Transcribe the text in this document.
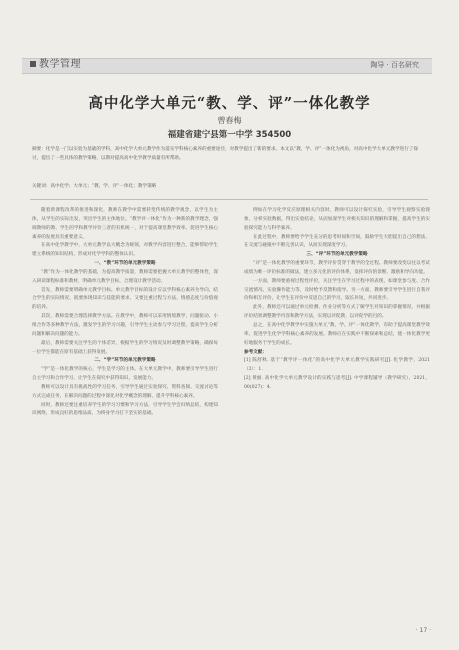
教学管理	陶导 · 百名研究
高中化学大单元“教、学、评”一体化教学
曾春梅
福建省建宁县第一中学 354500
摘要：化学是一门以实验为基础的学科，高中化学大单元教学作为落实学科核心素养的重要途径，对教学提出了新的要求。本文以“教、学、评”一体化为视角，对高中化学大单元教学进行了探讨，提出了一些具体的教学策略，以期对提高高中化学教学质量有所帮助。
关键词：高中化学；大单元；“教、学、评”一体化；教学策略

随着新课程改革的推进和深化，教师在教学中需要转变传统的教学观念，以学生为主体，从学生的实际出发，突出学生的主体地位。“教学评一体化”作为一种新的教学理念，强调教师的教、学生的学和教学评价三者的有机统一，对于提高课堂教学效率、促进学生核心素养的发展具有重要意义。

在高中化学教学中，大单元教学以大概念为统领，对教学内容进行整合，能够帮助学生建立系统的知识结构，形成对化学学科的整体认识。

一、“教”环节的单元教学策略

“教”作为一体化教学的基础，为提高教学质量，教师需要把握大单元教学的整体性，深入研读课程标准和教材，明确单元教学目标，合理设计教学活动。

首先，教师需要明确单元教学目标。单元教学目标的设计应以学科核心素养为导向，结合学生的实际情况，既要体现知识与技能的要求，又要注重过程与方法、情感态度与价值观的培养。

其次，教师需要合理选择教学方法。在教学中，教师可以采用情境教学、问题驱动、小组合作等多种教学方法，激发学生的学习兴趣，引导学生主动参与学习过程，提高学生分析问题和解决问题的能力。

最后，教师需要关注学生的个体差异，根据学生的学习情况及时调整教学策略，确保每一位学生都能在原有基础上获得发展。

二、“学”环节的单元教学策略

“学”是一体化教学的核心，学生是学习的主体。在大单元教学中，教师要引导学生进行自主学习和合作学习，让学生在探究中获得知识，发展能力。

教师可以设计具有挑战性的学习任务，引导学生通过实验探究、资料查阅、交流讨论等方式完成任务，在解决问题的过程中深化对化学概念的理解，提升学科核心素养。

同时，教师还要注重培养学生的学习习惯和学习方法，引导学生学会归纳总结，构建知识网络，形成良好的思维品质，为终身学习打下坚实的基础。

例如在学习化学反应原理相关内容时，教师可以设计探究实验，引导学生观察实验现象，分析实验数据，得出实验结论，从而加深学生对相关知识的理解和掌握，提高学生的实验探究能力与科学素养。

在此过程中，教师要给予学生充分的思考时间和空间，鼓励学生大胆提出自己的想法，在交流与碰撞中不断完善认识，从而实现深度学习。

三、“评”环节的单元教学策略

“评”是一体化教学的重要环节，教学评价贯穿于教学的全过程。教师要改变以往以考试成绩为唯一评价标准的做法，建立多元化的评价体系，发挥评价的诊断、激励和导向功能。

一方面，教师要重视过程性评价，关注学生在学习过程中的表现，如课堂参与度、合作交流情况、实验操作能力等，及时给予反馈和指导。另一方面，教师要引导学生进行自我评价和相互评价，让学生在评价中反思自己的学习，取长补短，共同进步。

此外，教师还可以通过单元检测、作业分析等方式了解学生对知识的掌握情况，并根据评价结果调整教学内容和教学方法，实现以评促教、以评促学的目的。

总之，在高中化学教学中实施大单元“教、学、评”一体化教学，有助于提高课堂教学效率，促进学生化学学科核心素养的发展。教师应在实践中不断探索和总结，使一体化教学更好地服务于学生的成长。

参考文献：

[1] 陈舒秋. 基于“教学评一体化”的高中化学大单元教学实践研究[J]. 化学教学，2021（2）：1.

[2] 黄丽. 高中化学大单元教学设计的实践与思考[J]. 中学课程辅导（教学研究），2021，00(027)：4.

· 17 ·
